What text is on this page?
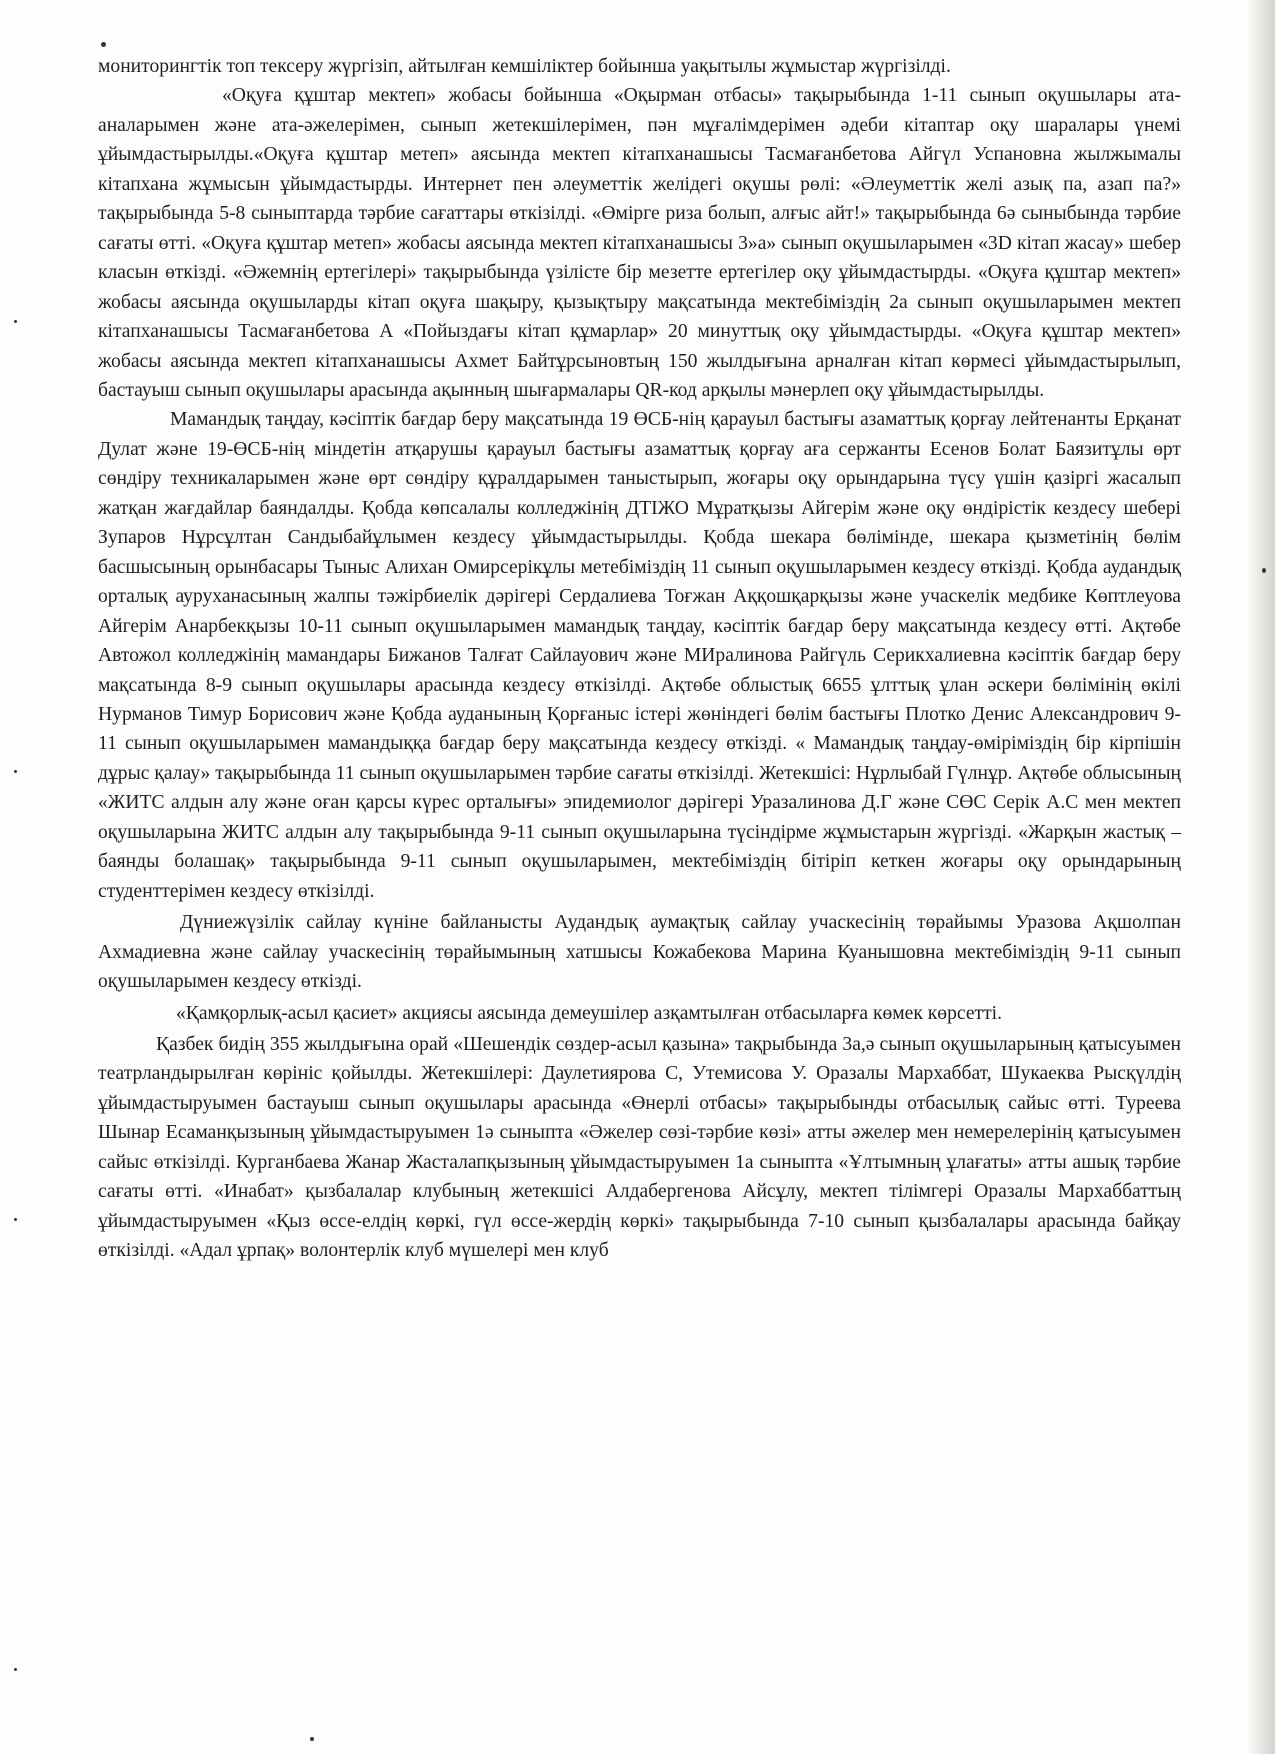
мониторингтік топ тексеру жүргізіп, айтылған кемшіліктер бойынша уақытылы жұмыстар жүргізілді.

«Оқуға құштар мектеп» жобасы бойынша «Оқырман отбасы» тақырыбында 1-11 сынып оқушылары ата-аналарымен және ата-әжелерімен, сынып жетекшілерімен, пән мұғалімдерімен әдеби кітаптар оқу шаралары үнемі ұйымдастырылды.«Оқуға құштар метеп» аясында мектеп кітапханашысы Тасмағанбетова Айгүл Успановна жылжымалы кітапхана жұмысын ұйымдастырды. Интернет пен әлеуметтік желідегі оқушы рөлі: «Әлеуметтік желі азық па, азап па?» тақырыбында 5-8 сыныптарда тәрбие сағаттары өткізілді. «Өмірге риза болып, алғыс айт!» тақырыбында 6ә сыныбында тәрбие сағаты өтті. «Оқуға құштар метеп» жобасы аясында мектеп кітапханашысы 3»а» сынып оқушыларымен «3D кітап жасау» шебер класын өткізді. «Әжемнің ертегілері» тақырыбында үзілісте бір мезетте ертегілер оқу ұйымдастырды. «Оқуға құштар мектеп» жобасы аясында оқушыларды кітап оқуға шақыру, қызықтыру мақсатында мектебіміздің 2а сынып оқушыларымен мектеп кітапханашысы Тасмағанбетова А «Пойыздағы кітап құмарлар» 20 минуттық оқу ұйымдастырды. «Оқуға құштар мектеп» жобасы аясында мектеп кітапханашысы Ахмет Байтұрсыновтың 150 жылдығына арналған кітап көрмесі ұйымдастырылып, бастауыш сынып оқушылары арасында ақынның шығармалары QR-код арқылы мәнерлеп оқу ұйымдастырылды.

Мамандық таңдау, кәсіптік бағдар беру мақсатында 19 ӨСБ-нің қарауыл бастығы азаматтық қорғау лейтенанты Ерқанат Дулат және 19-ӨСБ-нің міндетін атқарушы қарауыл бастығы азаматтық қорғау аға сержанты Есенов Болат Баязитұлы өрт сөндіру техникаларымен және өрт сөндіру құралдарымен таныстырып, жоғары оқу орындарына түсу үшін қазіргі жасалып жатқан жағдайлар баяндалды. Қобда көпсалалы колледжінің ДТІЖО Мұратқызы Айгерім және оқу өндірістік кездесу шебері Зупаров Нұрсұлтан Сандыбайұлымен кездесу ұйымдастырылды. Қобда шекара бөлімінде, шекара қызметінің бөлім басшысының орынбасары Тыныс Алихан Омирсерікұлы метебіміздің 11 сынып оқушыларымен кездесу өткізді. Қобда аудандық орталық ауруханасының жалпы тәжірбиелік дәрігері Сердалиева Тоғжан Аққошқарқызы және учаскелік медбике Көптлеуова Айгерім Анарбекқызы 10-11 сынып оқушыларымен мамандық таңдау, кәсіптік бағдар беру мақсатында кездесу өтті. Ақтөбе Автожол колледжінің мамандары Бижанов Талғат Сайлауович және МИралинова Райгүль Серикхалиевна кәсіптік бағдар беру мақсатында 8-9 сынып оқушылары арасында кездесу өткізілді. Ақтөбе облыстық 6655 ұлттық ұлан әскери бөлімінің өкілі Нурманов Тимур Борисович және Қобда ауданының Қорғаныс істері жөніндегі бөлім бастығы Плотко Денис Александрович 9-11 сынып оқушыларымен мамандыққа бағдар беру мақсатында кездесу өткізді. « Мамандық таңдау-өміріміздің бір кірпішін дұрыс қалау» тақырыбында 11 сынып оқушыларымен тәрбие сағаты өткізілді. Жетекшісі: Нұрлыбай Гүлнұр. Ақтөбе облысының «ЖИТС алдын алу және оған қарсы күрес орталығы» эпидемиолог дәрігері Уразалинова Д.Г және СӨС Серік А.С мен мектеп оқушыларына ЖИТС алдын алу тақырыбында 9-11 сынып оқушыларына түсіндірме жұмыстарын жүргізді. «Жарқын жастық – баянды болашақ» тақырыбында 9-11 сынып оқушыларымен, мектебіміздің бітіріп кеткен жоғары оқу орындарының студенттерімен кездесу өткізілді.

Дүниежүзілік сайлау күніне байланысты Аудандық аумақтық сайлау учаскесінің төрайымы Уразова Ақшолпан Ахмадиевна және сайлау учаскесінің төрайымының хатшысы Кожабекова Марина Куанышовна мектебіміздің 9-11 сынып оқушыларымен кездесу өткізді.

«Қамқорлық-асыл қасиет» акциясы аясында демеушілер азқамтылған отбасыларға көмек көрсетті.

Қазбек бидің 355 жылдығына орай «Шешендік сөздер-асыл қазына» тақрыбында 3а,ә сынып оқушыларының қатысуымен театрландырылған көрініс қойылды. Жетекшілері: Даулетиярова С, Утемисова У. Оразалы Мархаббат, Шукаеква Рысқүлдің ұйымдастыруымен бастауыш сынып оқушылары арасында «Өнерлі отбасы» тақырыбынды отбасылық сайыс өтті. Туреева Шынар Есаманқызының ұйымдастыруымен 1ә сыныпта «Әжелер сөзі-тәрбие көзі» атты әжелер мен немерелерінің қатысуымен сайыс өткізілді. Курганбаева Жанар Жасталапқызының ұйымдастыруымен 1а сыныпта «Ұлтымның ұлағаты» атты ашық тәрбие сағаты өтті. «Инабат» қызбалалар клубының жетекшісі Алдабергенова Айсұлу, мектеп тілімгері Оразалы Мархаббаттың ұйымдастыруымен «Қыз өссе-елдің көркі, гүл өссе-жердің көркі» тақырыбында 7-10 сынып қызбалалары арасында байқау өткізілді. «Адал ұрпақ» волонтерлік клуб мүшелері мен клуб
